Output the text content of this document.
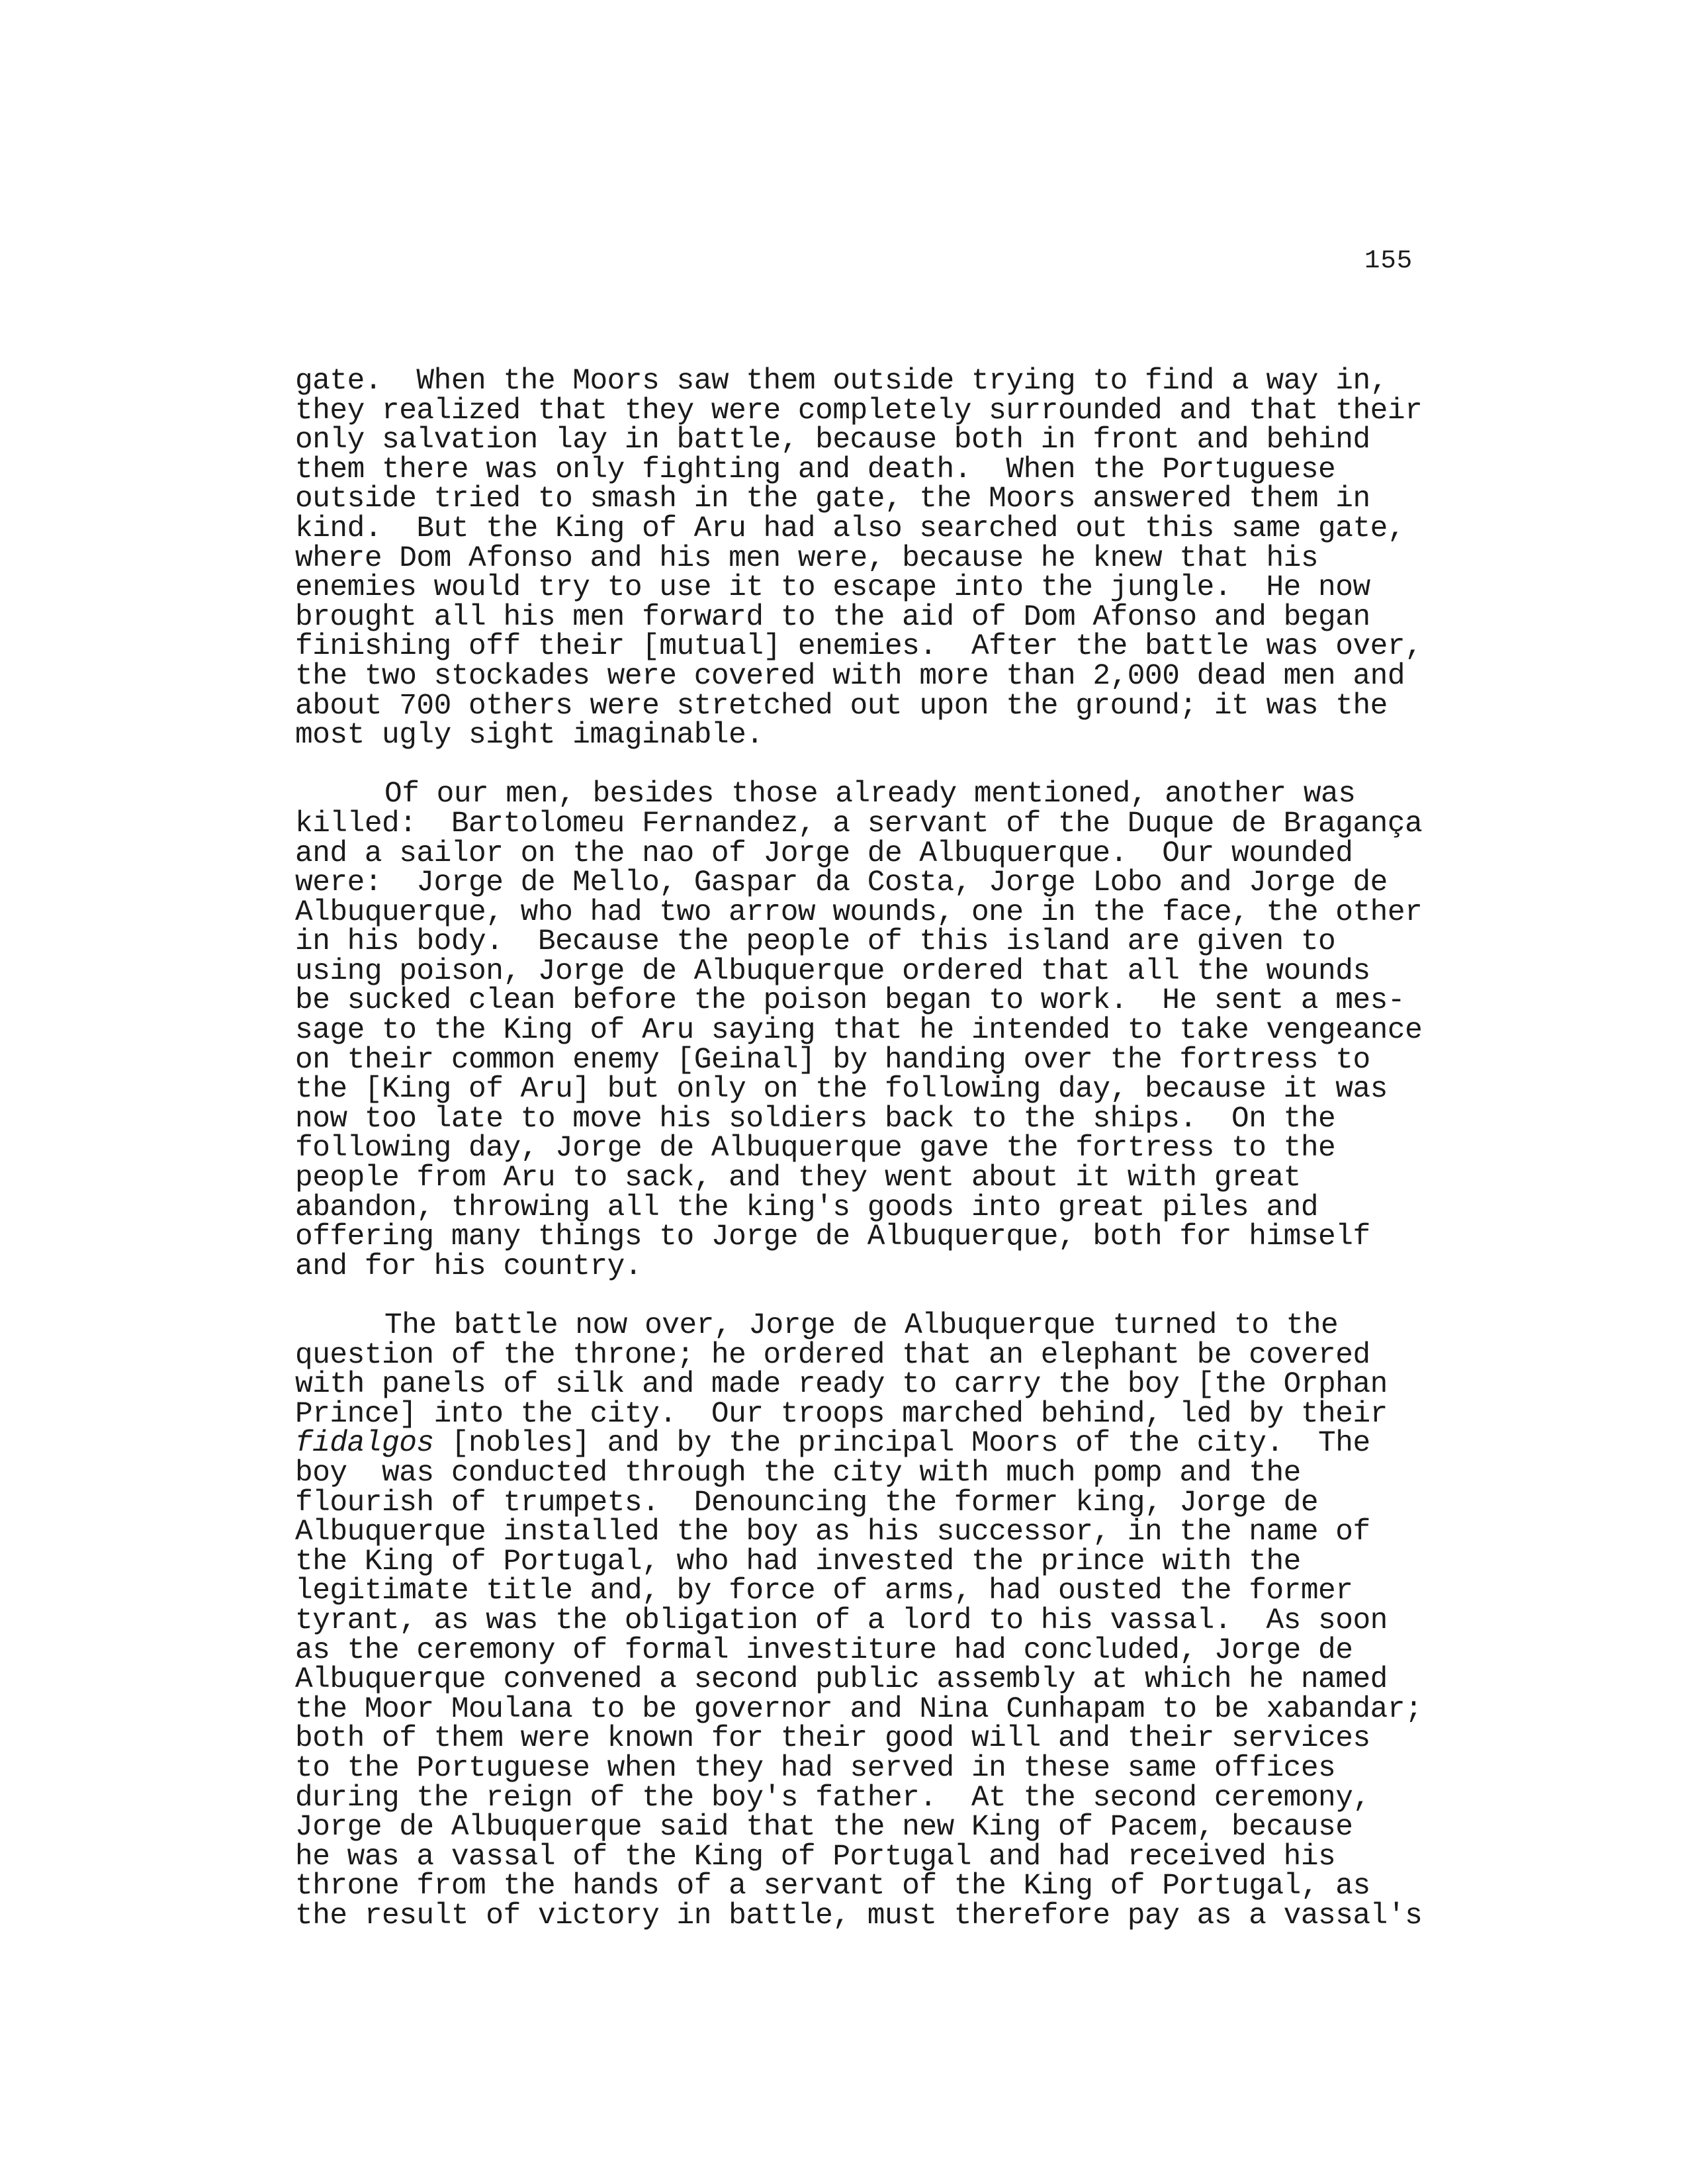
155
gate.  When the Moors saw them outside trying to find a way in,
they realized that they were completely surrounded and that their
only salvation lay in battle, because both in front and behind
them there was only fighting and death.  When the Portuguese
outside tried to smash in the gate, the Moors answered them in
kind.  But the King of Aru had also searched out this same gate,
where Dom Afonso and his men were, because he knew that his
enemies would try to use it to escape into the jungle.  He now
brought all his men forward to the aid of Dom Afonso and began
finishing off their [mutual] enemies.  After the battle was over,
the two stockades were covered with more than 2,000 dead men and
about 700 others were stretched out upon the ground; it was the
most ugly sight imaginable.
Of our men, besides those already mentioned, another was
killed:  Bartolomeu Fernandez, a servant of the Duque de Bragança
and a sailor on the nao of Jorge de Albuquerque.  Our wounded
were:  Jorge de Mello, Gaspar da Costa, Jorge Lobo and Jorge de
Albuquerque, who had two arrow wounds, one in the face, the other
in his body.  Because the people of this island are given to
using poison, Jorge de Albuquerque ordered that all the wounds
be sucked clean before the poison began to work.  He sent a mes-
sage to the King of Aru saying that he intended to take vengeance
on their common enemy [Geinal] by handing over the fortress to
the [King of Aru] but only on the following day, because it was
now too late to move his soldiers back to the ships.  On the
following day, Jorge de Albuquerque gave the fortress to the
people from Aru to sack, and they went about it with great
abandon, throwing all the king's goods into great piles and
offering many things to Jorge de Albuquerque, both for himself
and for his country.
The battle now over, Jorge de Albuquerque turned to the
question of the throne; he ordered that an elephant be covered
with panels of silk and made ready to carry the boy [the Orphan
Prince] into the city.  Our troops marched behind, led by their
fidalgos [nobles] and by the principal Moors of the city.  The
boy  was conducted through the city with much pomp and the
flourish of trumpets.  Denouncing the former king, Jorge de
Albuquerque installed the boy as his successor, in the name of
the King of Portugal, who had invested the prince with the
legitimate title and, by force of arms, had ousted the former
tyrant, as was the obligation of a lord to his vassal.  As soon
as the ceremony of formal investiture had concluded, Jorge de
Albuquerque convened a second public assembly at which he named
the Moor Moulana to be governor and Nina Cunhapam to be xabandar;
both of them were known for their good will and their services
to the Portuguese when they had served in these same offices
during the reign of the boy's father.  At the second ceremony,
Jorge de Albuquerque said that the new King of Pacem, because
he was a vassal of the King of Portugal and had received his
throne from the hands of a servant of the King of Portugal, as
the result of victory in battle, must therefore pay as a vassal's
